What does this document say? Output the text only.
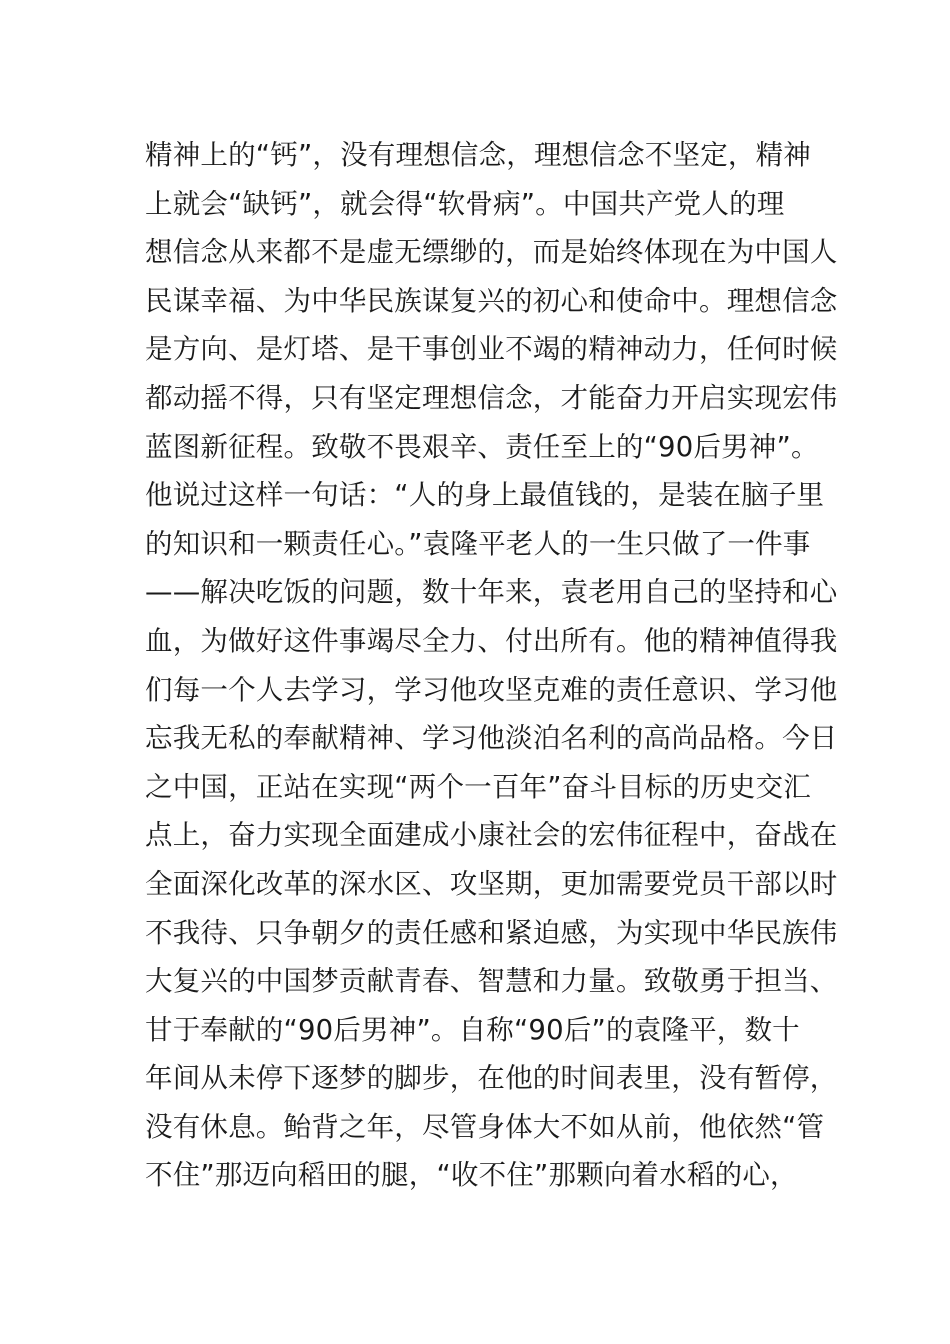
精神上的“钙”，没有理想信念，理想信念不坚定，精神
上就会“缺钙”，就会得“软骨病”。中国共产党人的理
想信念从来都不是虚无缥缈的，而是始终体现在为中国人
民谋幸福、为中华民族谋复兴的初心和使命中。理想信念
是方向、是灯塔、是干事创业不竭的精神动力，任何时候
都动摇不得，只有坚定理想信念，才能奋力开启实现宏伟
蓝图新征程。致敬不畏艰辛、责任至上的“90后男神”。
他说过这样一句话：“人的身上最值钱的，是装在脑子里
的知识和一颗责任心。”袁隆平老人的一生只做了一件事
——解决吃饭的问题，数十年来，袁老用自己的坚持和心
血，为做好这件事竭尽全力、付出所有。他的精神值得我
们每一个人去学习，学习他攻坚克难的责任意识、学习他
忘我无私的奉献精神、学习他淡泊名利的高尚品格。今日
之中国，正站在实现“两个一百年”奋斗目标的历史交汇
点上，奋力实现全面建成小康社会的宏伟征程中，奋战在
全面深化改革的深水区、攻坚期，更加需要党员干部以时
不我待、只争朝夕的责任感和紧迫感，为实现中华民族伟
大复兴的中国梦贡献青春、智慧和力量。致敬勇于担当、
甘于奉献的“90后男神”。自称“90后”的袁隆平，数十
年间从未停下逐梦的脚步，在他的时间表里，没有暂停，
没有休息。鲐背之年，尽管身体大不如从前，他依然“管
不住”那迈向稻田的腿，“收不住”那颗向着水稻的心，
